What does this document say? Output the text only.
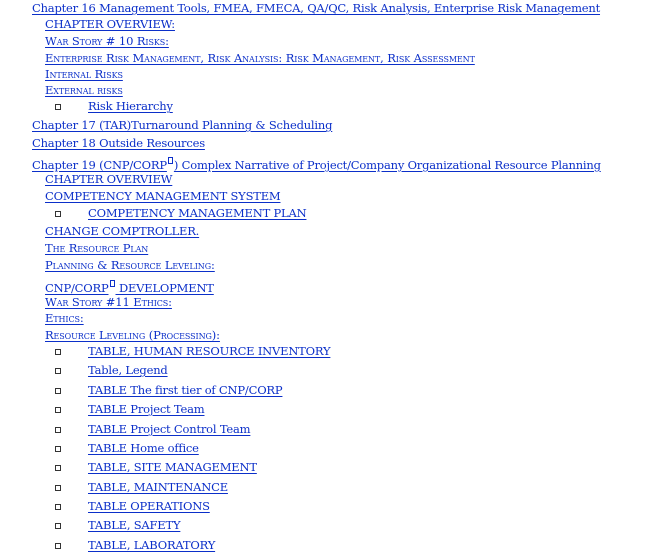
Chapter 16 Management Tools, FMEA, FMECA, QA/QC, Risk Analysis, Enterprise Risk Management
CHAPTER OVERVIEW:
War Story # 10 Risks:
Enterprise Risk Management, Risk Analysis: Risk Management, Risk Assessment
Internal Risks
External risks
Risk Hierarchy
Chapter 17 (TAR)Turnaround Planning & Scheduling
Chapter 18 Outside Resources
Chapter 19 (CNP/CORP ) Complex Narrative of Project/Company Organizational Resource Planning
CHAPTER OVERVIEW
COMPETENCY MANAGEMENT SYSTEM
COMPETENCY MANAGEMENT PLAN
CHANGE COMPTROLLER.
The Resource Plan
Planning & Resource Leveling:
CNP/CORP DEVELOPMENT
War Story #11 Ethics:
Ethics:
Resource Leveling (Processing):
TABLE, HUMAN RESOURCE INVENTORY
Table, Legend
TABLE The first tier of CNP/CORP
TABLE Project Team
TABLE Project Control Team
TABLE Home office
TABLE, SITE MANAGEMENT
TABLE, MAINTENANCE
TABLE OPERATIONS
TABLE, SAFETY
TABLE, LABORATORY
